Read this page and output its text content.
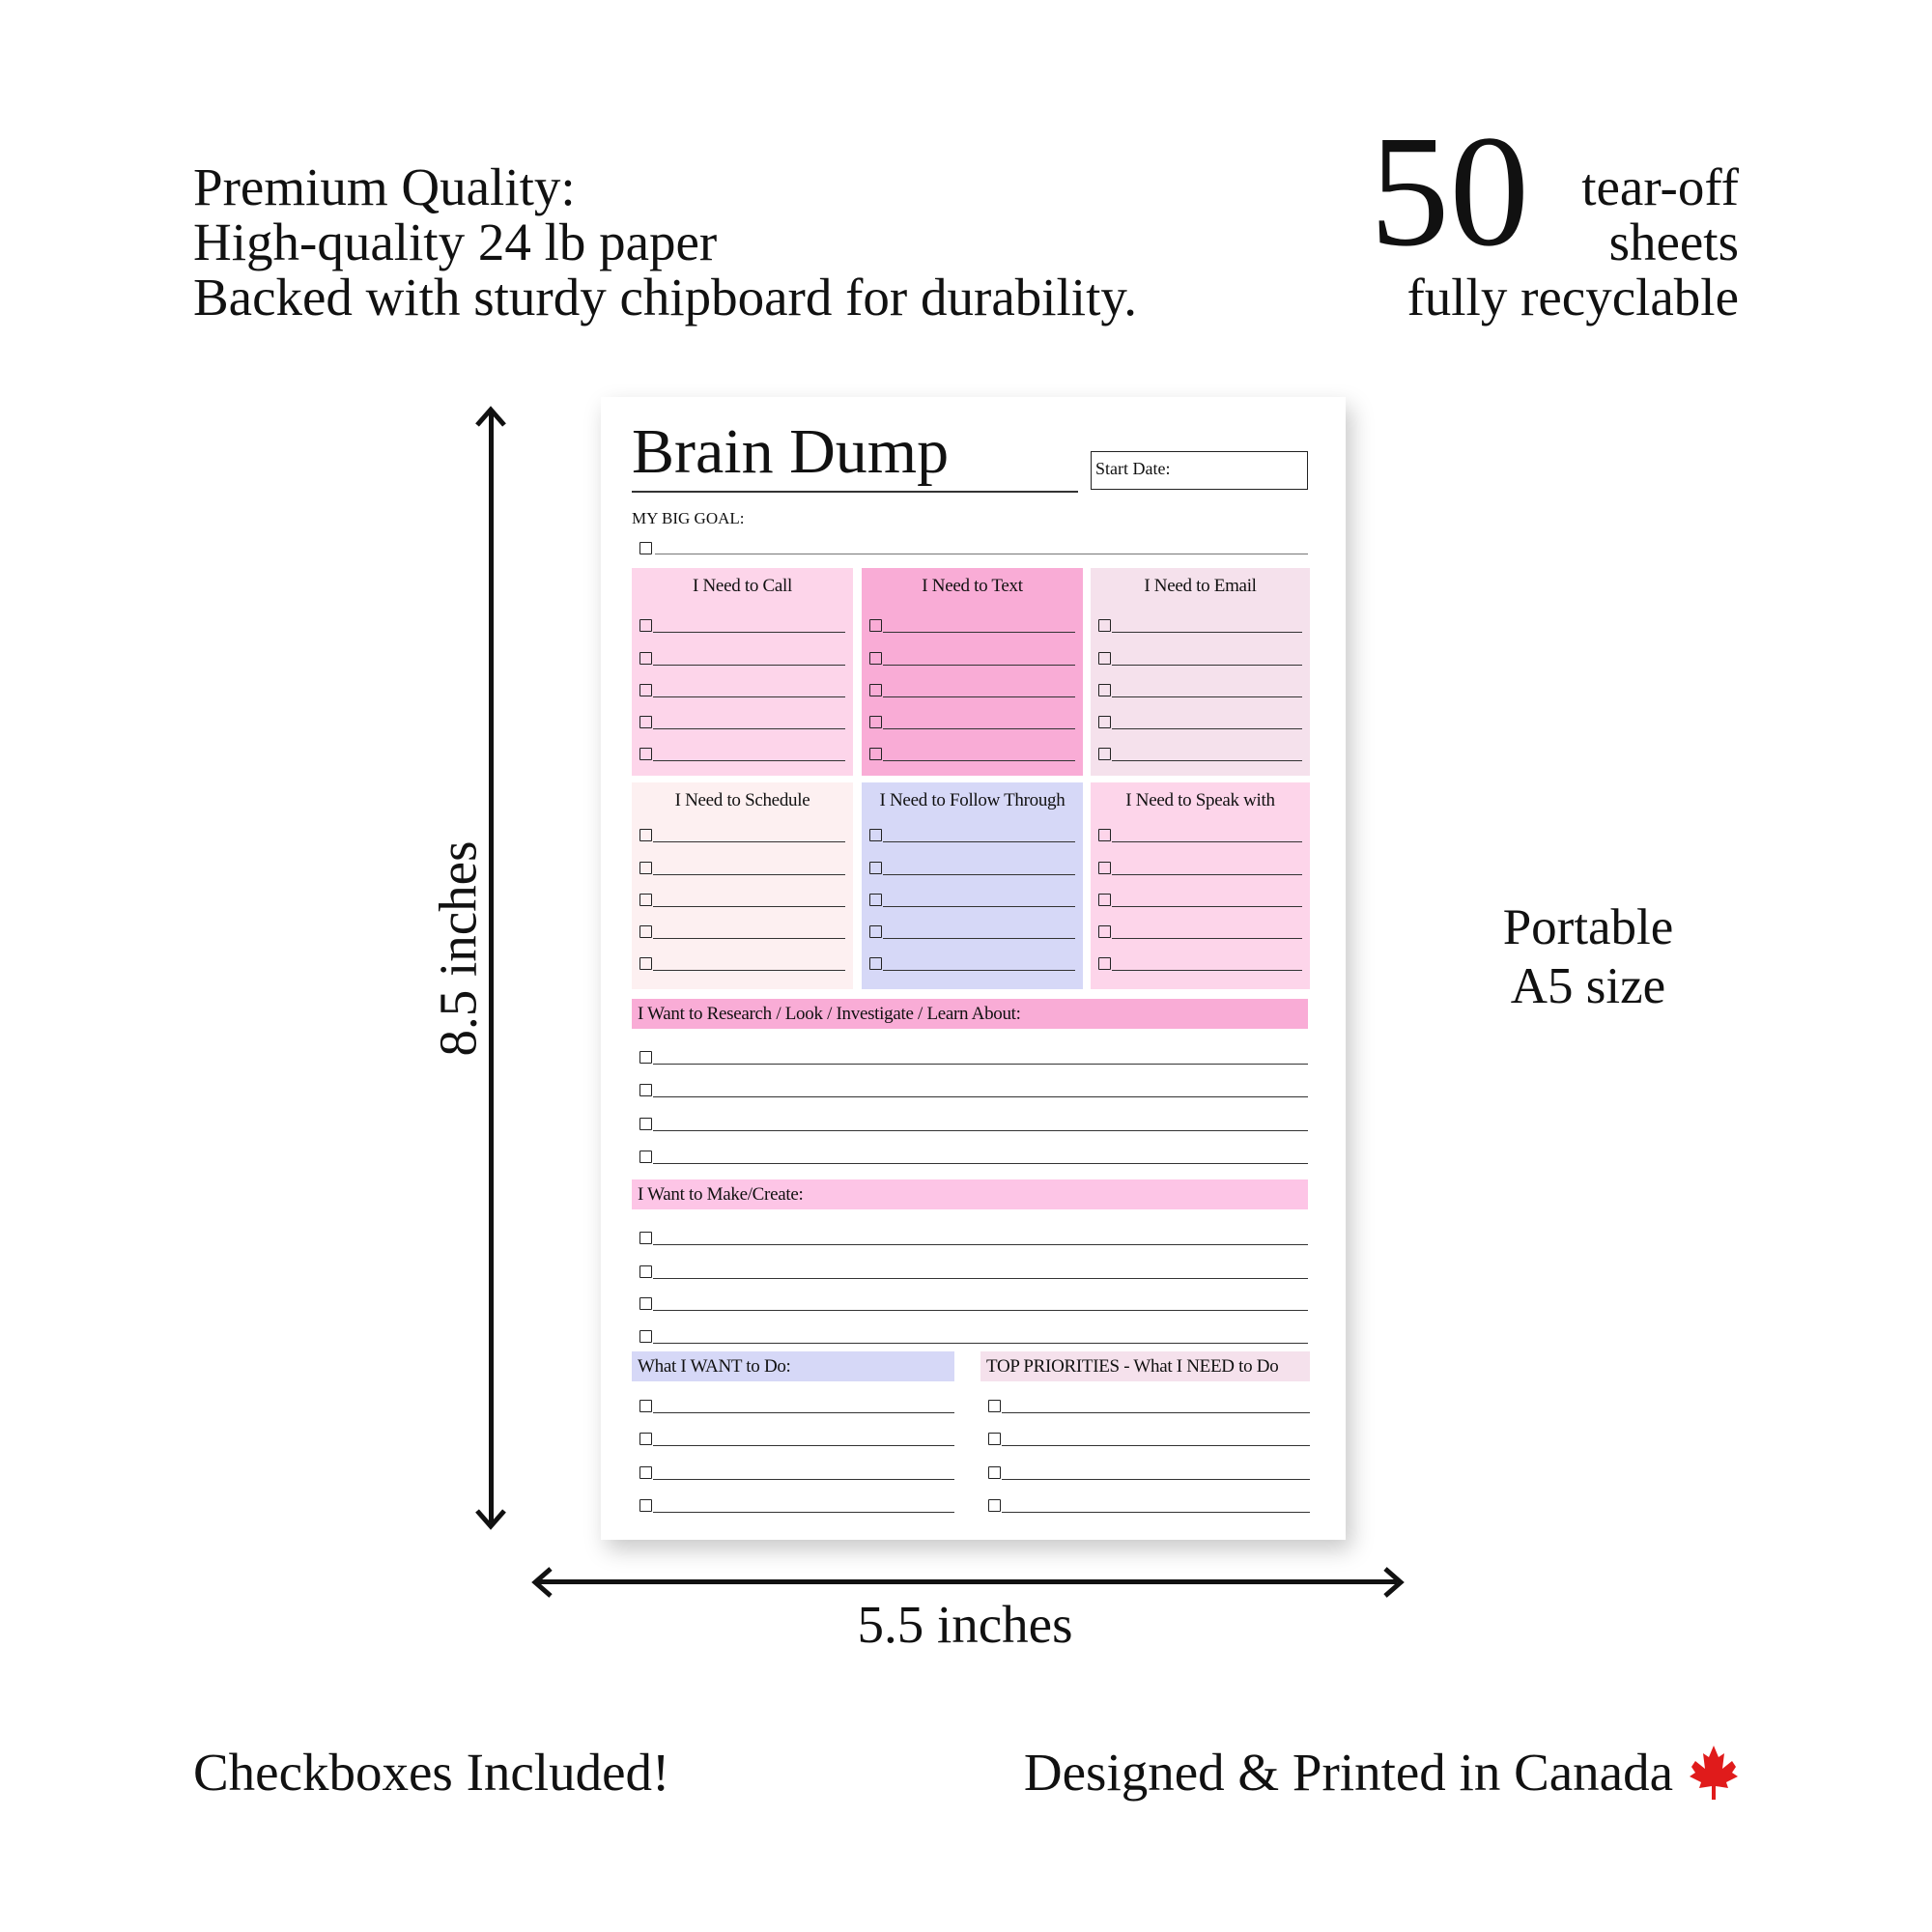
Premium Quality:
High-quality 24 lb paper
Backed with sturdy chipboard for durability.
50 tear-off
sheets
fully recyclable
8.5 inches
5.5 inches
Portable
A5 size
Checkboxes Included!	Designed & Printed in Canada
Brain Dump	Start Date:
MY BIG GOAL:
I Need to Call	I Need to Text	I Need to Email
I Need to Schedule	I Need to Follow Through	I Need to Speak with
I Want to Research / Look / Investigate / Learn About:
I Want to Make/Create:
What I WANT to Do:	TOP PRIORITIES - What I NEED to Do
